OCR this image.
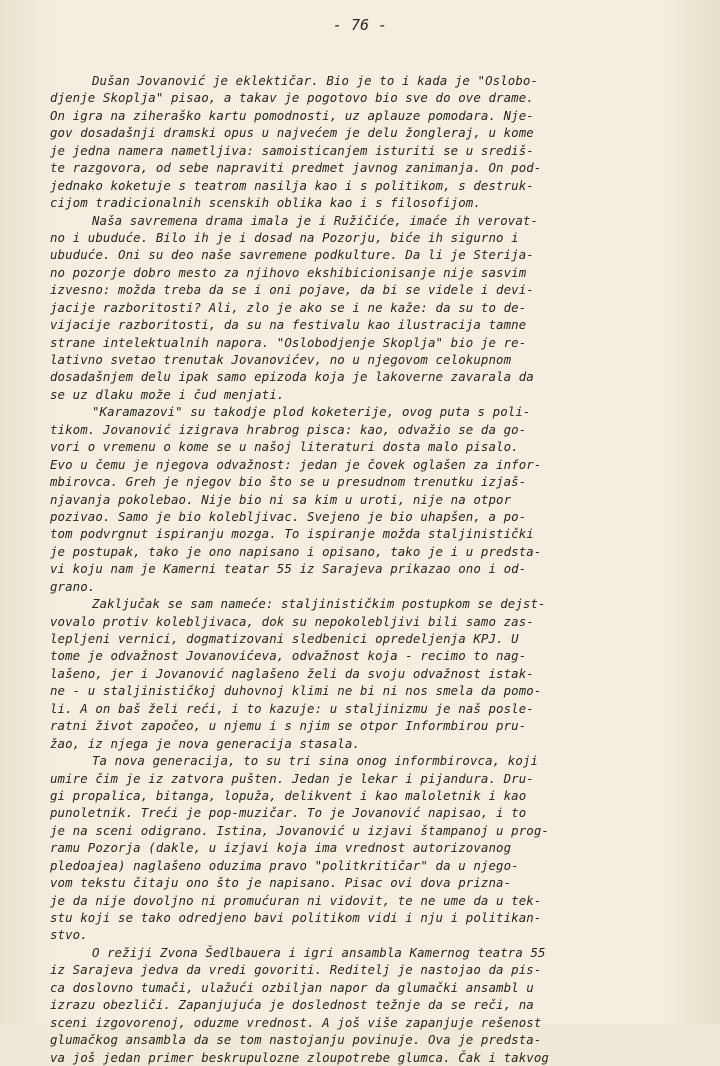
- 76 -
Dušan Jovanović je eklektičar. Bio je to i kada je "Oslobo-
djenje Skoplja" pisao, a takav je pogotovo bio sve do ove drame.
On igra na ziheraško kartu pomodnosti, uz aplauze pomodara. Nje-
gov dosadašnji dramski opus u najvećem je delu žongleraj, u kome
je jedna namera nametljiva: samoisticanjem isturiti se u središ-
te razgovora, od sebe napraviti predmet javnog zanimanja. On pod-
jednako koketuje s teatrom nasilja kao i s politikom, s destruk-
cijom tradicionalnih scenskih oblika kao i s filosofijom.
Naša savremena drama imala je i Ružičiće, imaće ih verovat-
no i ubuduće. Bilo ih je i dosad na Pozorju, biće ih sigurno i
ubuduće. Oni su deo naše savremene podkulture. Da li je Sterija-
no pozorje dobro mesto za njihovo ekshibicionisanje nije sasvim
izvesno: možda treba da se i oni pojave, da bi se videle i devi-
jacije razboritosti? Ali, zlo je ako se i ne kaže: da su to de-
vijacije razboritosti, da su na festivalu kao ilustracija tamne
strane intelektualnih napora. "Oslobodjenje Skoplja" bio je re-
lativno svetao trenutak Jovanovićev, no u njegovom celokupnom
dosadašnjem delu ipak samo epizoda koja je lakoverne zavarala da
se uz dlaku može i čud menjati.
"Karamazovi" su takodje plod koketerije, ovog puta s poli-
tikom. Jovanović izigrava hrabrog pisca: kao, odvažio se da go-
vori o vremenu o kome se u našoj literaturi dosta malo pisalo.
Evo u čemu je njegova odvažnost: jedan je čovek oglašen za infor-
mbirovca. Greh je njegov bio što se u presudnom trenutku izjaš-
njavanja pokolebao. Nije bio ni sa kim u uroti, nije na otpor
pozivao. Samo je bio kolebljivac. Svejeno je bio uhapšen, a po-
tom podvrgnut ispiranju mozga. To ispiranje možda staljinistički
je postupak, tako je ono napisano i opisano, tako je i u predsta-
vi koju nam je Kamerni teatar 55 iz Sarajeva prikazao ono i od-
grano.
Zaključak se sam nameće: staljinističkim postupkom se dejst-
vovalo protiv kolebljivaca, dok su nepokolebljivi bili samo zas-
lepljeni vernici, dogmatizovani sledbenici opredeljenja KPJ. U
tome je odvažnost Jovanovićeva, odvažnost koja - recimo to nag-
lašeno, jer i Jovanović naglašeno želi da svoju odvažnost istak-
ne - u staljinističkoj duhovnoj klimi ne bi ni nos smela da pomo-
li. A on baš želi reći, i to kazuje: u staljinizmu je naš posle-
ratni život započeo, u njemu i s njim se otpor Informbirou pru-
žao, iz njega je nova generacija stasala.
Ta nova generacija, to su tri sina onog informbirovca, koji
umire čim je iz zatvora pušten. Jedan je lekar i pijandura. Dru-
gi propalica, bitanga, lopuža, delikvent i kao maloletnik i kao
punoletnik. Treći je pop-muzičar. To je Jovanović napisao, i to
je na sceni odigrano. Istina, Jovanović u izjavi štampanoj u prog-
ramu Pozorja (dakle, u izjavi koja ima vrednost autorizovanog
pledoajea) naglašeno oduzima pravo "politkritičar" da u njego-
vom tekstu čitaju ono što je napisano. Pisac ovi dova prizna-
je da nije dovoljno ni promućuran ni vidovit, te ne ume da u tek-
stu koji se tako odredjeno bavi politikom vidi i nju i politikan-
stvo.
O režiji Zvona Šedlbauera i igri ansambla Kamernog teatra 55
iz Sarajeva jedva da vredi govoriti. Reditelj je nastojao da pis-
ca doslovno tumači, ulažući ozbiljan napor da glumački ansambl u
izrazu obezliči. Zapanjujuća je doslednost težnje da se reči, na
sceni izgovorenoj, oduzme vrednost. A još više zapanjuje rešenost
glumačkog ansambla da se tom nastojanju povinuje. Ova je predsta-
va još jedan primer beskrupulozne zloupotrebe glumca. Čak i takvog
